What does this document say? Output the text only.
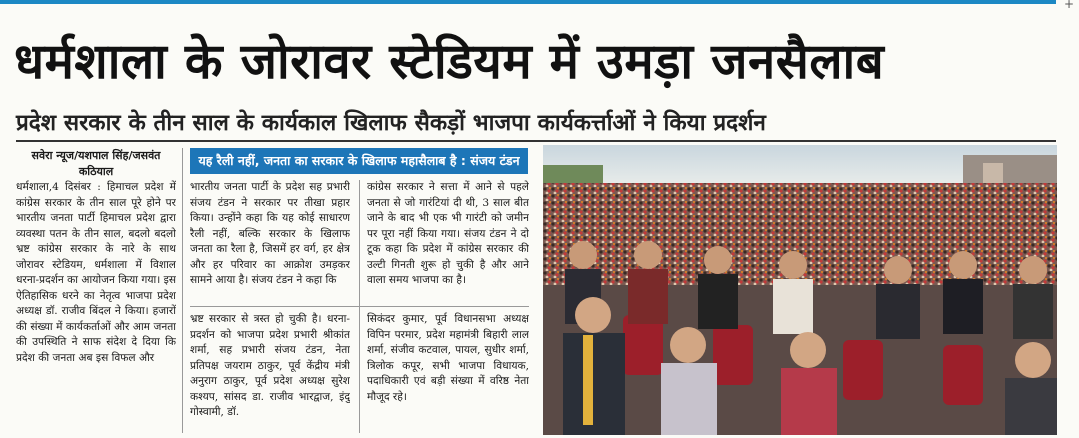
+
धर्मशाला के जोरावर स्टेडियम में उमड़ा जनसैलाब
प्रदेश सरकार के तीन साल के कार्यकाल खिलाफ सैकड़ों भाजपा कार्यकर्त्ताओं ने किया प्रदर्शन
सवेरा न्यूज/यशपाल सिंह/जसवंत कठियाल

धर्मशाला,4 दिसंबर : हिमाचल प्रदेश में कांग्रेस सरकार के तीन साल पूरे होने पर भारतीय जनता पार्टी हिमाचल प्रदेश द्वारा व्यवस्था पतन के तीन साल, बदलो बदलो भ्रष्ट कांग्रेस सरकार के नारे के साथ जोरावर स्टेडियम, धर्मशाला में विशाल धरना-प्रदर्शन का आयोजन किया गया। इस ऐतिहासिक धरने का नेतृत्व भाजपा प्रदेश अध्यक्ष डॉ. राजीव बिंदल ने किया। हजारों की संख्या में कार्यकर्ताओं और आम जनता की उपस्थिति ने साफ संदेश दे दिया कि प्रदेश की जनता अब इस विफल और

यह रैली नहीं, जनता का सरकार के खिलाफ महासैलाब है : संजय टंडन

भारतीय जनता पार्टी के प्रदेश सह प्रभारी संजय टंडन ने सरकार पर तीखा प्रहार किया। उन्होंने कहा कि यह कोई साधारण रैली नहीं, बल्कि सरकार के खिलाफ जनता का रैला है, जिसमें हर वर्ग, हर क्षेत्र और हर परिवार का आक्रोश उमड़कर सामने आया है। संजय टंडन ने कहा कि

कांग्रेस सरकार ने सत्ता में आने से पहले जनता से जो गारंटियां दी थी, 3 साल बीत जाने के बाद भी एक भी गारंटी को जमीन पर पूरा नहीं किया गया। संजय टंडन ने दो टूक कहा कि प्रदेश में कांग्रेस सरकार की उल्टी गिनती शुरू हो चुकी है और आने वाला समय भाजपा का है।

भ्रष्ट सरकार से त्रस्त हो चुकी है। धरना-प्रदर्शन को भाजपा प्रदेश प्रभारी श्रीकांत शर्मा, सह प्रभारी संजय टंडन, नेता प्रतिपक्ष जयराम ठाकुर, पूर्व केंद्रीय मंत्री अनुराग ठाकुर, पूर्व प्रदेश अध्यक्ष सुरेश कश्यप, सांसद डा. राजीव भारद्वाज, इंदु गोस्वामी, डॉ.

सिकंदर कुमार, पूर्व विधानसभा अध्यक्ष विपिन परमार, प्रदेश महामंत्री बिहारी लाल शर्मा, संजीव कटवाल, पायल, सुधीर शर्मा, त्रिलोक कपूर, सभी भाजपा विधायक, पदाधिकारी एवं बड़ी संख्या में वरिष्ठ नेता मौजूद रहे।
